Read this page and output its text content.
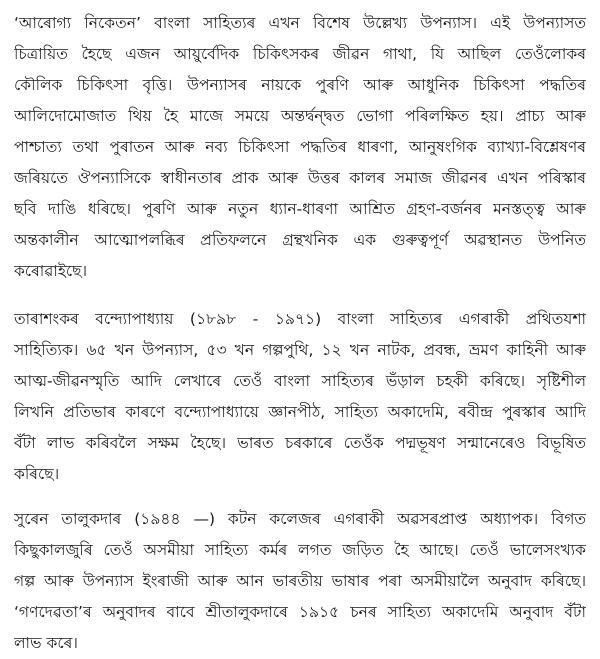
‘আৰোগ্য নিকেতন’ বাংলা সাহিত্যৰ এখন বিশেষ উল্লেখ্য উপন্যাস। এই উপন্যাসত
চিত্ৰায়িত হৈছে এজন আয়ুৰ্বেদিক চিকিৎসকৰ জীৱন গাথা, যি আছিল তেওঁলোকৰ
কৌলিক চিকিৎসা বৃত্তি। উপন্যাসৰ নায়কে পুৰণি আৰু আধুনিক চিকিৎসা পদ্ধতিৰ
আলিদোমোজাত থিয় হৈ মাজে সময়ে অন্তৰ্দ্বন্দ্বত ভোগা পৰিলক্ষিত হয়। প্ৰাচ্য আৰু
পাশ্চাত্য তথা পুৰাতন আৰু নব্য চিকিৎসা পদ্ধতিৰ ধাৰণা, আনুষংগিক ব্যাখ্যা-বিশ্লেষণৰ
জৰিয়তে ঔপন্যাসিকে স্বাধীনতাৰ প্ৰাক আৰু উত্তৰ কালৰ সমাজ জীৱনৰ এখন পৰিস্কাৰ
ছবি দাঙি ধৰিছে। পুৰণি আৰু নতুন ধ্যান-ধাৰণা আশ্ৰিত গ্ৰহণ-বৰ্জনৰ মনস্তত্ত্ব আৰু
অন্তকালীন আত্মোপলব্ধিৰ প্ৰতিফলনে গ্ৰন্থখনিক এক গুৰুত্বপূৰ্ণ অৱস্থানত উপনিত
কৰোৱাইছে।
তাৰাশংকৰ বন্দ্যোপাধ্যায় (১৮৯৮ - ১৯৭১) বাংলা সাহিত্যৰ এগৰাকী প্ৰথিতযশা
সাহিত্যিক। ৬৫ খন উপন্যাস, ৫৩ খন গল্পপুথি, ১২ খন নাটক, প্ৰবন্ধ, ভ্ৰমণ কাহিনী আৰু
আত্ম-জীৱনস্মৃতি আদি লেখাৰে তেওঁ বাংলা সাহিত্যৰ ভঁড়াল চহকী কৰিছে। সৃষ্টিশীল
লিখনি প্ৰতিভাৰ কাৰণে বন্দ্যোপাধ্যায়ে জ্ঞানপীঠ, সাহিত্য অকাদেমি, ৰবীন্দ্ৰ পুৰস্কাৰ আদি
বঁটা লাভ কৰিবলৈ সক্ষম হৈছে। ভাৰত চৰকাৰে তেওঁক পদ্মভূষণ সন্মানেৰেও বিভূষিত
কৰিছে।
সুৰেন তালুকদাৰ (১৯৪৪ —) কটন কলেজৰ এগৰাকী অৱসৰপ্ৰাপ্ত অধ্যাপক। বিগত
কিছুকালজুৰি তেওঁ অসমীয়া সাহিত্য কৰ্মৰ লগত জড়িত হৈ আছে। তেওঁ ভালেসংখ্যক
গল্প আৰু উপন্যাস ইংৰাজী আৰু আন ভাৰতীয় ভাষাৰ পৰা অসমীয়ালৈ অনুবাদ কৰিছে।
‘গণদেৱতা’ৰ অনুবাদৰ বাবে শ্ৰীতালুকদাৰে ১৯১৫ চনৰ সাহিত্য অকাদেমি অনুবাদ বঁটা
লাভ কৰে।
